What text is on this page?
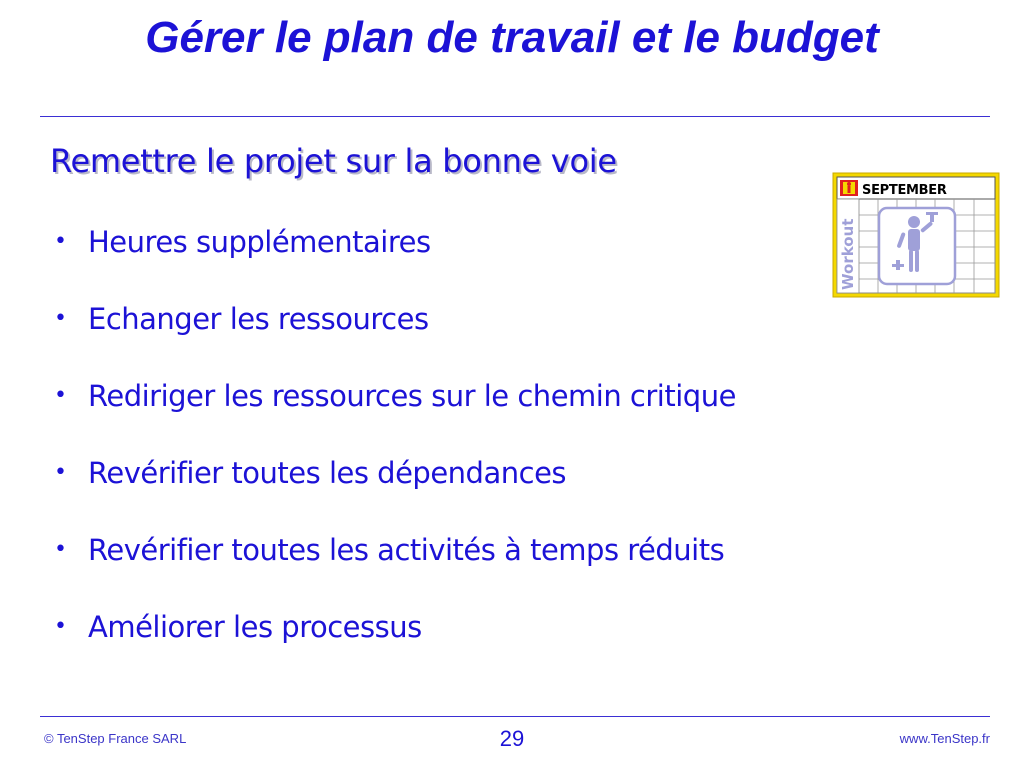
Gérer le plan de travail et le budget
Remettre le projet sur la bonne voie
• Heures supplémentaires
• Echanger les ressources
• Rediriger les ressources sur le chemin critique
• Revérifier toutes les dépendances
• Revérifier toutes les activités à temps réduits
• Améliorer les processus
SEPTEMBER
Workout
© TenStep France SARL	29	www.TenStep.fr
